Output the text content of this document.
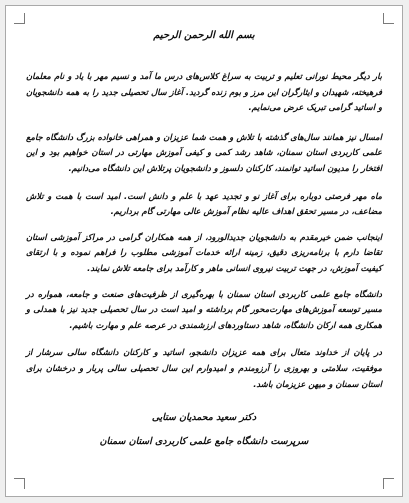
بسم الله الرحمن الرحیم

بار دیگر محیط نورانی تعلیم و تربیت به سراغ کلاس‌های درس ما آمد و نسیم مهر با یاد و نام معلمان فرهیخته، شهیدان و ایثارگران این مرز و بوم زنده گردید. آغاز سال تحصیلی جدید را به همه دانشجویان و اساتید گرامی تبریک عرض می‌نمایم.

امسال نیز همانند سال‌های گذشته با تلاش و همت شما عزیزان و همراهی خانواده بزرگ دانشگاه جامع علمی کاربردی استان سمنان، شاهد رشد کمی و کیفی آموزش مهارتی در استان خواهیم بود و این افتخار را مدیون اساتید توانمند، کارکنان دلسوز و دانشجویان پرتلاش این دانشگاه می‌دانیم.

ماه مهر فرصتی دوباره برای آغاز نو و تجدید عهد با علم و دانش است. امید است با همت و تلاش مضاعف، در مسیر تحقق اهداف عالیه نظام آموزش عالی مهارتی گام برداریم.

اینجانب ضمن خیرمقدم به دانشجویان جدیدالورود، از همه همکاران گرامی در مراکز آموزشی استان تقاضا دارم با برنامه‌ریزی دقیق، زمینه ارائه خدمات آموزشی مطلوب را فراهم نموده و با ارتقای کیفیت آموزش، در جهت تربیت نیروی انسانی ماهر و کارآمد برای جامعه تلاش نمایند.

دانشگاه جامع علمی کاربردی استان سمنان با بهره‌گیری از ظرفیت‌های صنعت و جامعه، همواره در مسیر توسعه آموزش‌های مهارت‌محور گام برداشته و امید است در سال تحصیلی جدید نیز با همدلی و همکاری همه ارکان دانشگاه، شاهد دستاوردهای ارزشمندی در عرصه علم و مهارت باشیم.

در پایان از خداوند متعال برای همه عزیزان دانشجو، اساتید و کارکنان دانشگاه سالی سرشار از موفقیت، سلامتی و بهروزی را آرزومندم و امیدوارم این سال تحصیلی سالی پربار و درخشان برای استان سمنان و میهن عزیزمان باشد.

دکتر سعید محمدیان ستایی
سرپرست دانشگاه جامع علمی کاربردی استان سمنان
